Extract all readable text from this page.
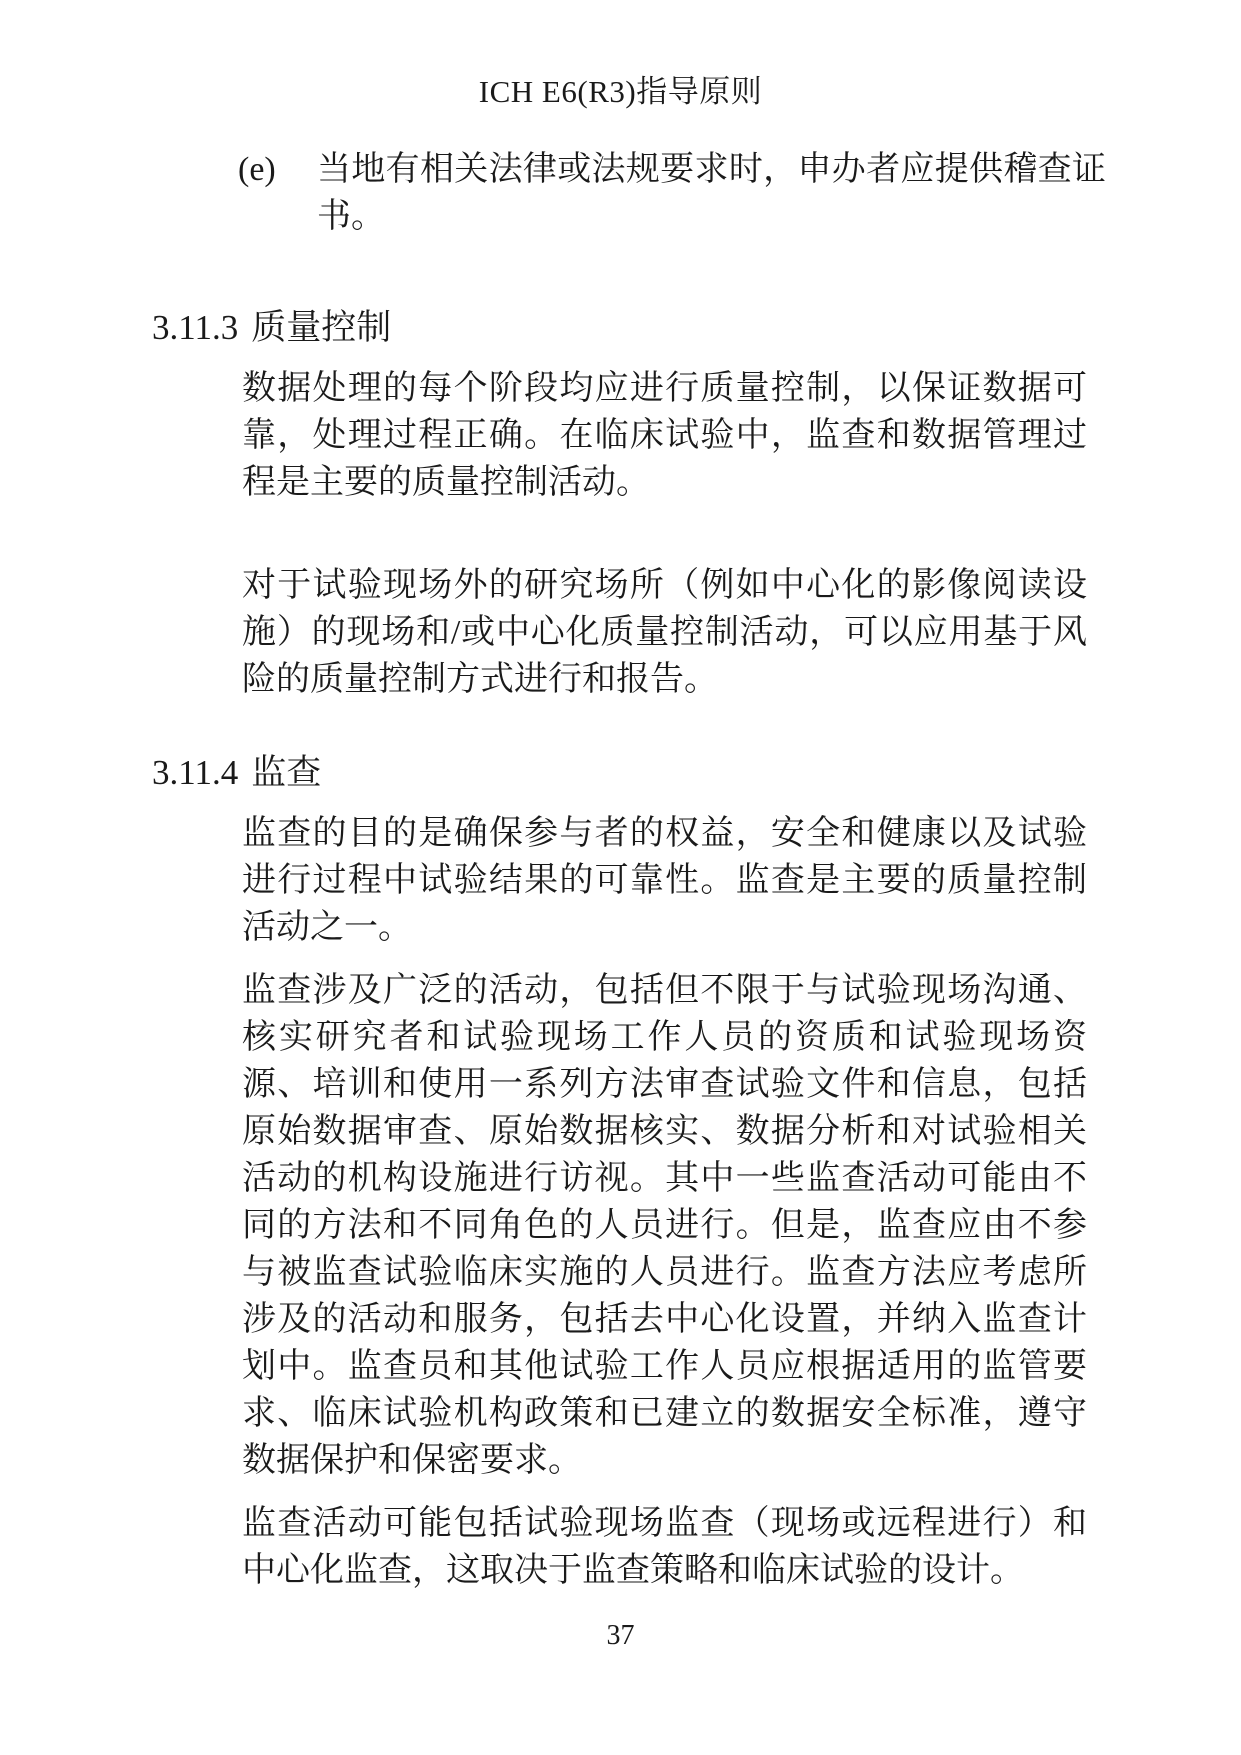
ICH E6(R3)指导原则
(e)	当地有相关法律或法规要求时，申办者应提供稽查证书。
3.11.3 质量控制

数据处理的每个阶段均应进行质量控制，以保证数据可靠，处理过程正确。在临床试验中，监查和数据管理过程是主要的质量控制活动。

对于试验现场外的研究场所（例如中心化的影像阅读设施）的现场和/或中心化质量控制活动，可以应用基于风险的质量控制方式进行和报告。

3.11.4 监查

监查的目的是确保参与者的权益，安全和健康以及试验进行过程中试验结果的可靠性。监查是主要的质量控制活动之一。

监查涉及广泛的活动，包括但不限于与试验现场沟通、核实研究者和试验现场工作人员的资质和试验现场资源、培训和使用一系列方法审查试验文件和信息，包括原始数据审查、原始数据核实、数据分析和对试验相关活动的机构设施进行访视。其中一些监查活动可能由不同的方法和不同角色的人员进行。但是，监查应由不参与被监查试验临床实施的人员进行。监查方法应考虑所涉及的活动和服务，包括去中心化设置，并纳入监查计划中。监查员和其他试验工作人员应根据适用的监管要求、临床试验机构政策和已建立的数据安全标准，遵守数据保护和保密要求。

监查活动可能包括试验现场监查（现场或远程进行）和中心化监查，这取决于监查策略和临床试验的设计。

37
